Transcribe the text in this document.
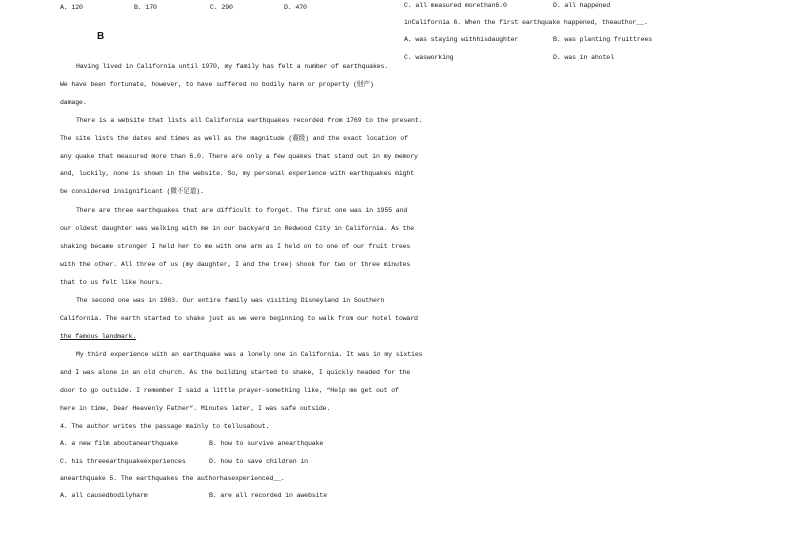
A. 120	B. 170	C. 290	D. 470
B
Having lived in California until 1970, my family has felt a number of earthquakes.
We have been fortunate, however, to have suffered no bodily harm or property (财产)
damage.
There is a website that lists all California earthquakes recorded from 1769 to the present.
The site lists the dates and times as well as the magnitude (震级) and the exact location of
any quake that measured more than 6.0. There are only a few quakes that stand out in my memory
and, luckily, none is shown in the website. So, my personal experience with earthquakes might
be considered insignificant (微不足道).
There are three earthquakes that are difficult to forget. The first one was in 1955 and
our oldest daughter was walking with me in our backyard in Redwood City in California. As the
shaking became stronger I held her to me with one arm as I held on to one of our fruit trees
with the other. All three of us (my daughter, I and the tree) shook for two or three minutes
that to us felt like hours.
The second one was in 1963. Our entire family was visiting Disneyland in Southern
California. The earth started to shake just as we were beginning to walk from our hotel toward
the famous landmark.
My third experience with an earthquake was a lonely one in California. It was in my sixties
and I was alone in an old church. As the building started to shake, I quickly headed for the
door to go outside. I remember I said a little prayer-something like, “Help me get out of
here in time, Dear Heavenly Father”. Minutes later, I was safe outside.
4. The author writes the passage mainly to tellusabout.
A. a new film aboutanearthquake	B. how to survive anearthquake
C. his threeearthquakeexperiences	D. how to save children in
anearthquake 5. The earthquakes the authorhasexperienced__.
A. all causedbodilyharm	B. are all recorded in awebsite
C. all measured morethan6.0	D. all happened
inCalifornia 6. When the first earthquake happened, theauthor__.
A. was staying withhisdaughter	B. was planting fruittrees
C. wasworking	D. was in ahotel
